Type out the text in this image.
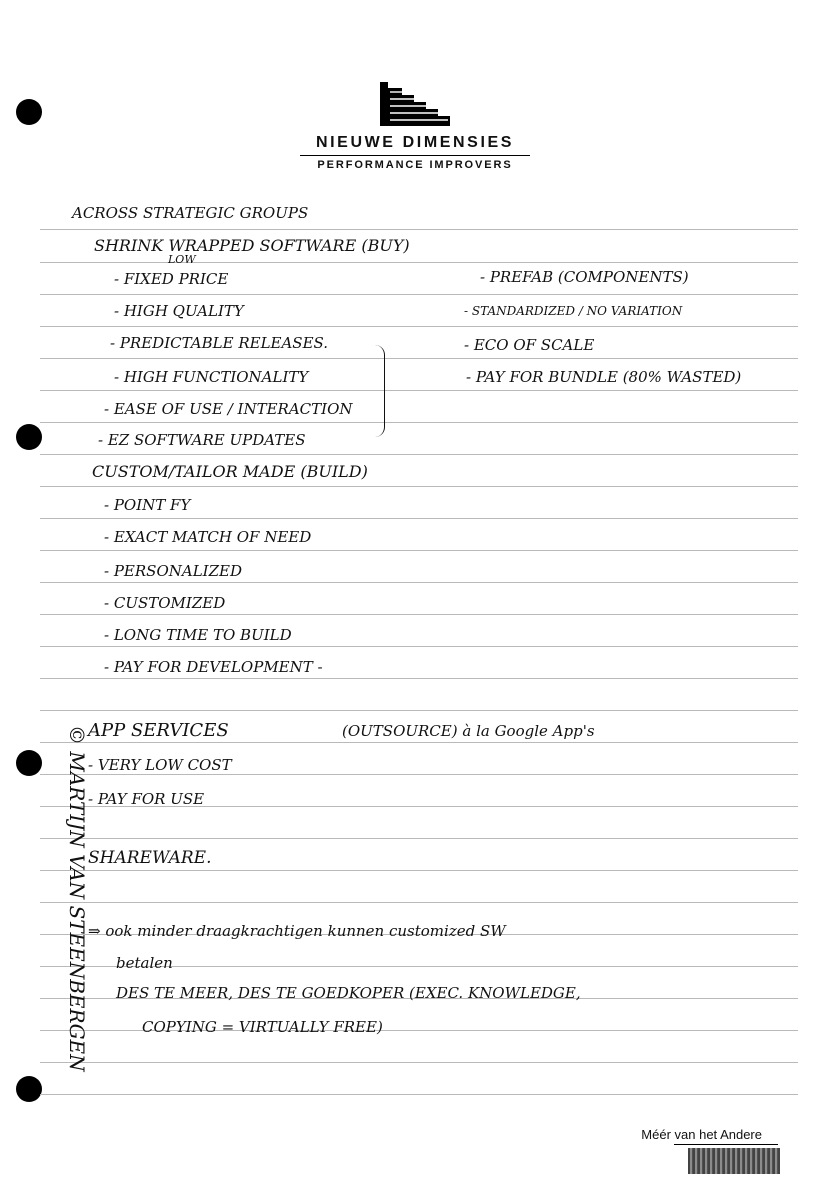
NIEUWE DIMENSIES
PERFORMANCE IMPROVERS
ACROSS STRATEGIC GROUPS
SHRINK WRAPPED SOFTWARE (BUY)
LOW
- FIXED PRICE
- HIGH QUALITY
- PREDICTABLE RELEASES.
- HIGH FUNCTIONALITY
- EASE OF USE / INTERACTION
- EZ SOFTWARE UPDATES
- PREFAB (COMPONENTS)
- STANDARDIZED / NO VARIATION
- ECO OF SCALE
- PAY FOR BUNDLE (80% WASTED)
CUSTOM/TAILOR MADE (BUILD)
- POINT FY
- EXACT MATCH OF NEED
- PERSONALIZED
- CUSTOMIZED
- LONG TIME TO BUILD
- PAY FOR DEVELOPMENT -
APP SERVICES	(OUTSOURCE) à la Google App's
- VERY LOW COST
- PAY FOR USE
SHAREWARE.
⇒ ook minder draagkrachtigen kunnen customized SW
betalen
DES TE MEER, DES TE GOEDKOPER (EXEC. KNOWLEDGE,
COPYING = VIRTUALLY FREE)
© MARTIJN VAN STEENBERGEN
Méér van het Andere
